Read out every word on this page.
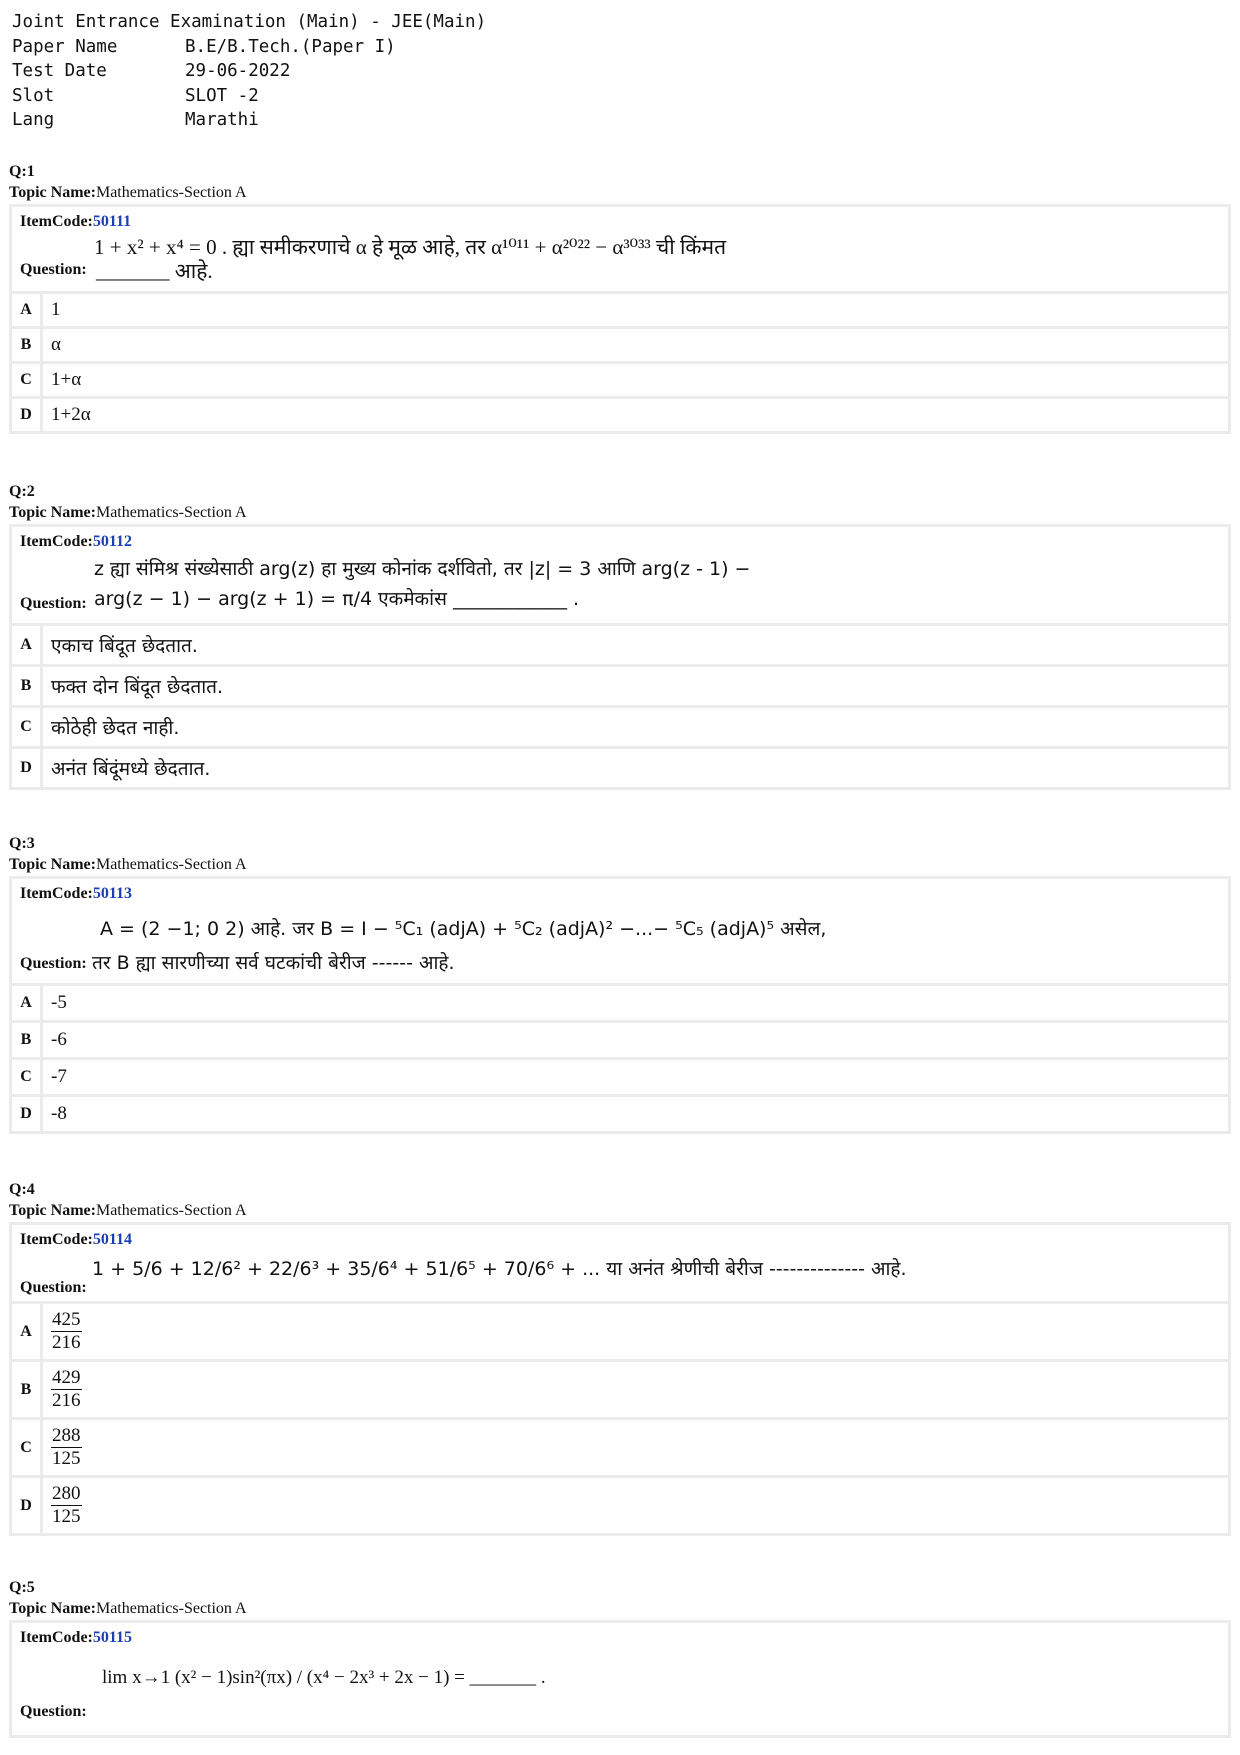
Joint Entrance Examination (Main) - JEE(Main)
Paper Name	B.E/B.Tech.(Paper I)
Test Date	29-06-2022
Slot	SLOT -2
Lang	Marathi
Q:1
Topic Name:Mathematics-Section A
ItemCode:50111
1 + x² + x⁴ = 0 . ह्या समीकरणाचे α हे मूळ आहे, तर α¹⁰¹¹ + α²⁰²² − α³⁰³³ ची किंमत
Question: _______ आहे.
A	1
B	α
C	1+α
D	1+2α
Q:2
Topic Name:Mathematics-Section A
ItemCode:50112
z ह्या संमिश्र संख्येसाठी arg(z) हा मुख्य कोनांक दर्शवितो, तर |z| = 3 आणि arg(z - 1) −
Question: arg(z − 1) − arg(z + 1) = π/4 एकमेकांस ____________ .
A	एकाच बिंदूत छेदतात.
B	फक्त दोन बिंदूत छेदतात.
C	कोठेही छेदत नाही.
D	अनंत बिंदूंमध्ये छेदतात.
Q:3
Topic Name:Mathematics-Section A
ItemCode:50113
A = (2 −1; 0 2) आहे. जर B = I − ⁵C₁ (adjA) + ⁵C₂ (adjA)² −...− ⁵C₅ (adjA)⁵ असेल,
Question: तर B ह्या सारणीच्या सर्व घटकांची बेरीज ------ आहे.
A	-5
B	-6
C	-7
D	-8
Q:4
Topic Name:Mathematics-Section A
ItemCode:50114
1 + 5/6 + 12/6² + 22/6³ + 35/6⁴ + 51/6⁵ + 70/6⁶ + ... या अनंत श्रेणीची बेरीज -------------- आहे.
Question:
A	$\frac{425}{216}$
B	$\frac{429}{216}$
C	$\frac{288}{125}$
D	$\frac{280}{125}$
Q:5
Topic Name:Mathematics-Section A
ItemCode:50115
lim x→1 (x² − 1)sin²(πx) / (x⁴ − 2x³ + 2x − 1) = _______ .
Question:
